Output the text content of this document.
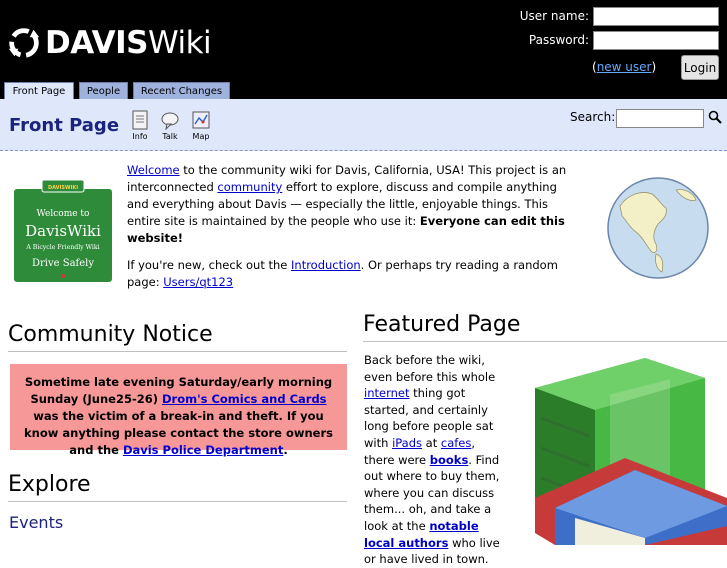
DAVIS Wiki
User name:
Password:
(new user) Login
Front Page	People	Recent Changes
Front Page
Info	Talk	Map
Search:
DAVISWIKI
Welcome to
DavisWiki
A Bicycle Friendly Wiki
Drive Safely

Welcome to the community wiki for Davis, California, USA! This project is an interconnected community effort to explore, discuss and compile anything and everything about Davis — especially the little, enjoyable things. This entire site is maintained by the people who use it: Everyone can edit this website!

If you're new, check out the Introduction. Or perhaps try reading a random page: Users/qt123

Community Notice
Sometime late evening Saturday/early morning Sunday (June25-26) Drom's Comics and Cards was the victim of a break-in and theft. If you know anything please contact the store owners and the Davis Police Department.
Explore
Events
Featured Page
Back before the wiki, even before this whole internet thing got started, and certainly long before people sat with iPads at cafes, there were books. Find out where to buy them, where you can discuss them... oh, and take a look at the notable local authors who live or have lived in town.
